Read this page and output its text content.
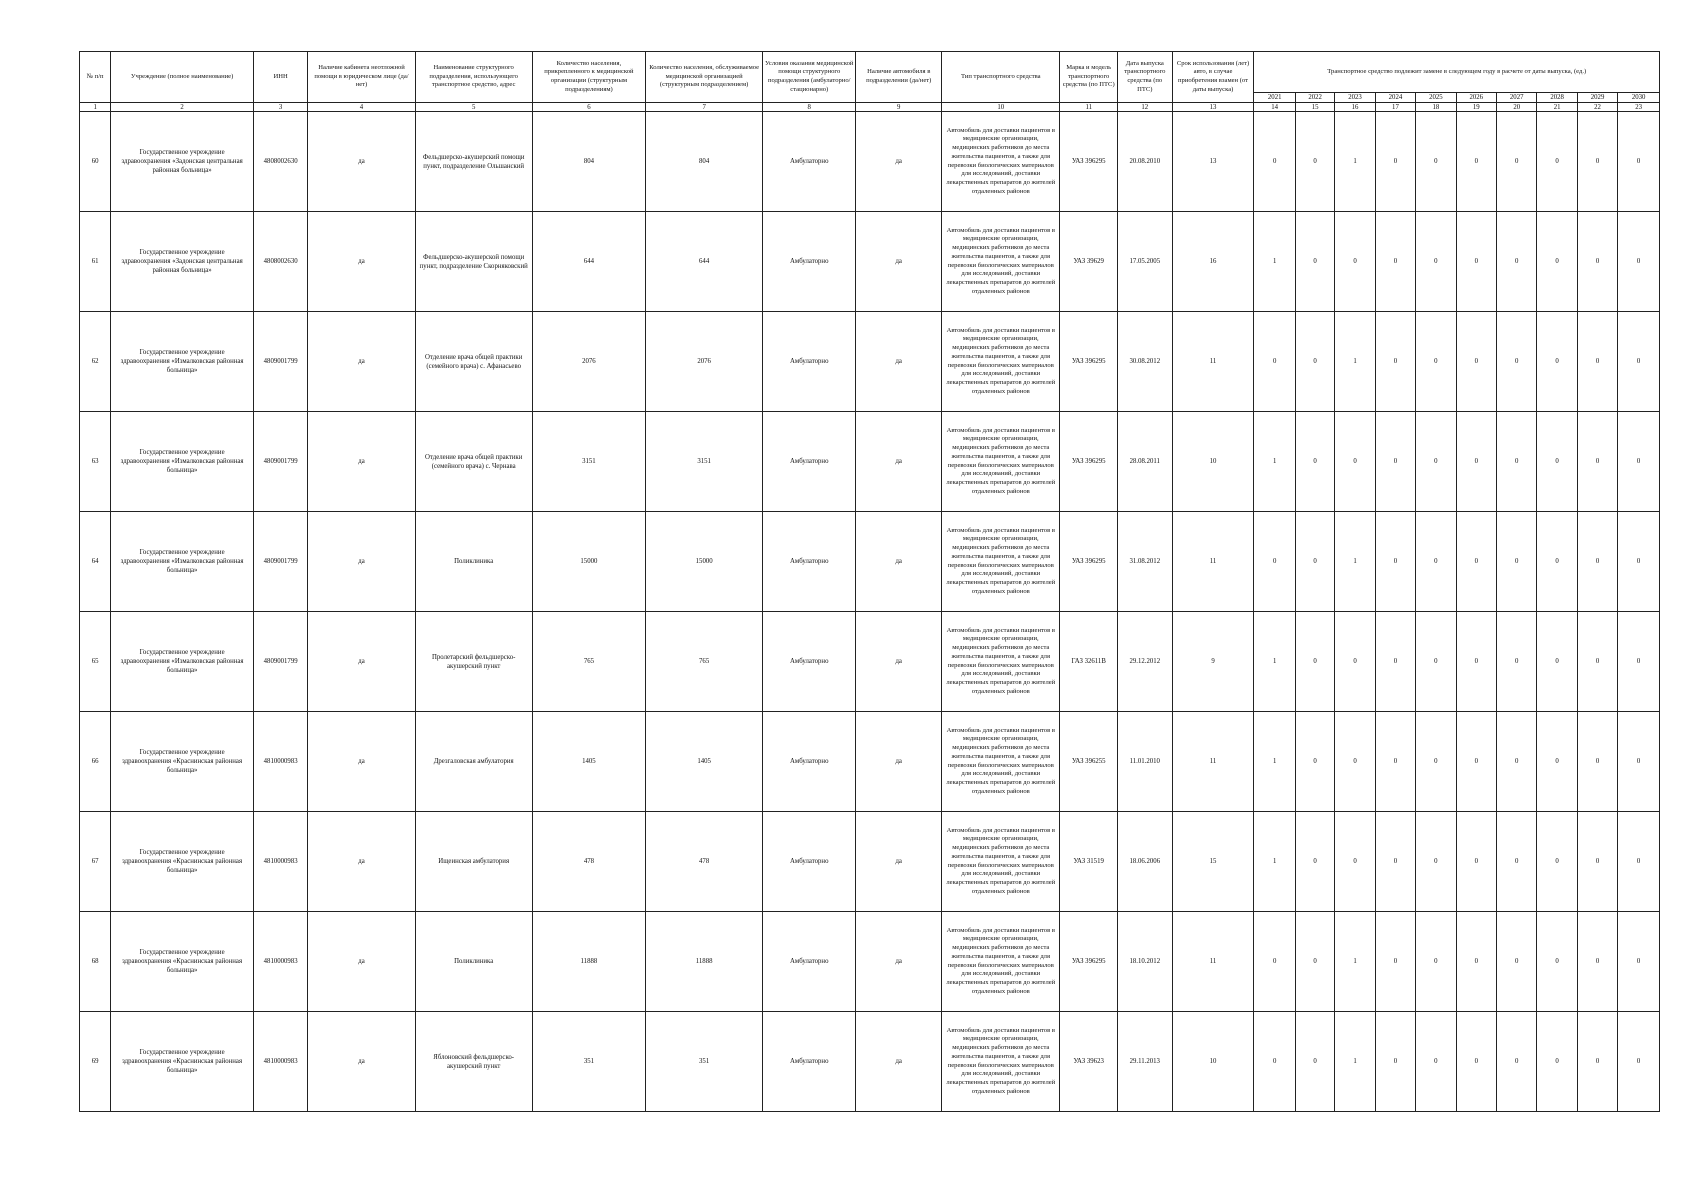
№ п/п	Учреждение (полное наименование)	ИНН	Наличие кабинета неотложной помощи в юридическом лице (да/нет)	Наименование структурного подразделения, использующего транспортное средство, адрес	Количество населения, прикрепленного к медицинской организации (структурным подразделениям)	Количество населения, обслуживаемое медицинской организацией (структурным подразделением)	Условия оказания медицинской помощи структурного подразделения (амбулаторно/ стационарно)	Наличие автомобиля в подразделении (да/нет)	Тип транспортного средства	Марка и модель транспортного средства (по ПТС)	Дата выпуска транспортного средства (по ПТС)	Срок использования (лет) авто, в случае приобретения взамен (от даты выпуска)	Транспортное средство подлежит замене в следующем году в расчете от даты выпуска, (ед.)									
													2021	2022	2023	2024	2025	2026	2027	2028	2029	2030
1	2	3	4	5	6	7	8	9	10	11	12	13	14	15	16	17	18	19	20	21	22	23
60	Государственное учреждение здравоохранения «Задонская центральная районная больница»	4808002630	да	Фельдшерско-акушерский помощи пункт, подразделение Ольшанский	804	804	Амбулаторно	да	Автомобиль для доставки пациентов в медицинские организации, медицинских работников до места жительства пациентов, а также для перевозки биологических материалов для исследований, доставки лекарственных препаратов до жителей отдаленных районов	УАЗ 396295	20.08.2010	13	0	0	1	0	0	0	0	0	0	0
61	Государственное учреждение здравоохранения «Задонская центральная районная больница»	4808002630	да	Фельдшерско-акушерской помощи пункт, подразделение Скорняковский	644	644	Амбулаторно	да	Автомобиль для доставки пациентов в медицинские организации, медицинских работников до места жительства пациентов, а также для перевозки биологических материалов для исследований, доставки лекарственных препаратов до жителей отдаленных районов	УАЗ 39629	17.05.2005	16	1	0	0	0	0	0	0	0	0	0
62	Государственное учреждение здравоохранения «Измалковская районная больница»	4809001799	да	Отделение врача общей практики (семейного врача) с. Афанасьево	2076	2076	Амбулаторно	да	Автомобиль для доставки пациентов в медицинские организации, медицинских работников до места жительства пациентов, а также для перевозки биологических материалов для исследований, доставки лекарственных препаратов до жителей отдаленных районов	УАЗ 396295	30.08.2012	11	0	0	1	0	0	0	0	0	0	0
63	Государственное учреждение здравоохранения «Измалковская районная больница»	4809001799	да	Отделение врача общей практики (семейного врача) с. Чернава	3151	3151	Амбулаторно	да	Автомобиль для доставки пациентов в медицинские организации, медицинских работников до места жительства пациентов, а также для перевозки биологических материалов для исследований, доставки лекарственных препаратов до жителей отдаленных районов	УАЗ 396295	28.08.2011	10	1	0	0	0	0	0	0	0	0	0
64	Государственное учреждение здравоохранения «Измалковская районная больница»	4809001799	да	Поликлиника	15000	15000	Амбулаторно	да	Автомобиль для доставки пациентов в медицинские организации, медицинских работников до места жительства пациентов, а также для перевозки биологических материалов для исследований, доставки лекарственных препаратов до жителей отдаленных районов	УАЗ 396295	31.08.2012	11	0	0	1	0	0	0	0	0	0	0
65	Государственное учреждение здравоохранения «Измалковская районная больница»	4809001799	да	Пролетарский фельдшерско-акушерский пункт	765	765	Амбулаторно	да	Автомобиль для доставки пациентов в медицинские организации, медицинских работников до места жительства пациентов, а также для перевозки биологических материалов для исследований, доставки лекарственных препаратов до жителей отдаленных районов	ГАЗ 32611В	29.12.2012	9	1	0	0	0	0	0	0	0	0	0
66	Государственное учреждение здравоохранения «Краснинская районная больница»	4810000983	да	Дрезгаловская амбулатория	1405	1405	Амбулаторно	да	Автомобиль для доставки пациентов в медицинские организации, медицинских работников до места жительства пациентов, а также для перевозки биологических материалов для исследований, доставки лекарственных препаратов до жителей отдаленных районов	УАЗ 396255	11.01.2010	11	1	0	0	0	0	0	0	0	0	0
67	Государственное учреждение здравоохранения «Краснинская районная больница»	4810000983	да	Ищеинская амбулатория	478	478	Амбулаторно	да	Автомобиль для доставки пациентов в медицинские организации, медицинских работников до места жительства пациентов, а также для перевозки биологических материалов для исследований, доставки лекарственных препаратов до жителей отдаленных районов	УАЗ 31519	18.06.2006	15	1	0	0	0	0	0	0	0	0	0
68	Государственное учреждение здравоохранения «Краснинская районная больница»	4810000983	да	Поликлиника	11888	11888	Амбулаторно	да	Автомобиль для доставки пациентов в медицинские организации, медицинских работников до места жительства пациентов, а также для перевозки биологических материалов для исследований, доставки лекарственных препаратов до жителей отдаленных районов	УАЗ 396295	18.10.2012	11	0	0	1	0	0	0	0	0	0	0
69	Государственное учреждение здравоохранения «Краснинская районная больница»	4810000983	да	Яблоновский фельдшерско-акушерский пункт	351	351	Амбулаторно	да	Автомобиль для доставки пациентов в медицинские организации, медицинских работников до места жительства пациентов, а также для перевозки биологических материалов для исследований, доставки лекарственных препаратов до жителей отдаленных районов	УАЗ 39623	29.11.2013	10	0	0	1	0	0	0	0	0	0	0
